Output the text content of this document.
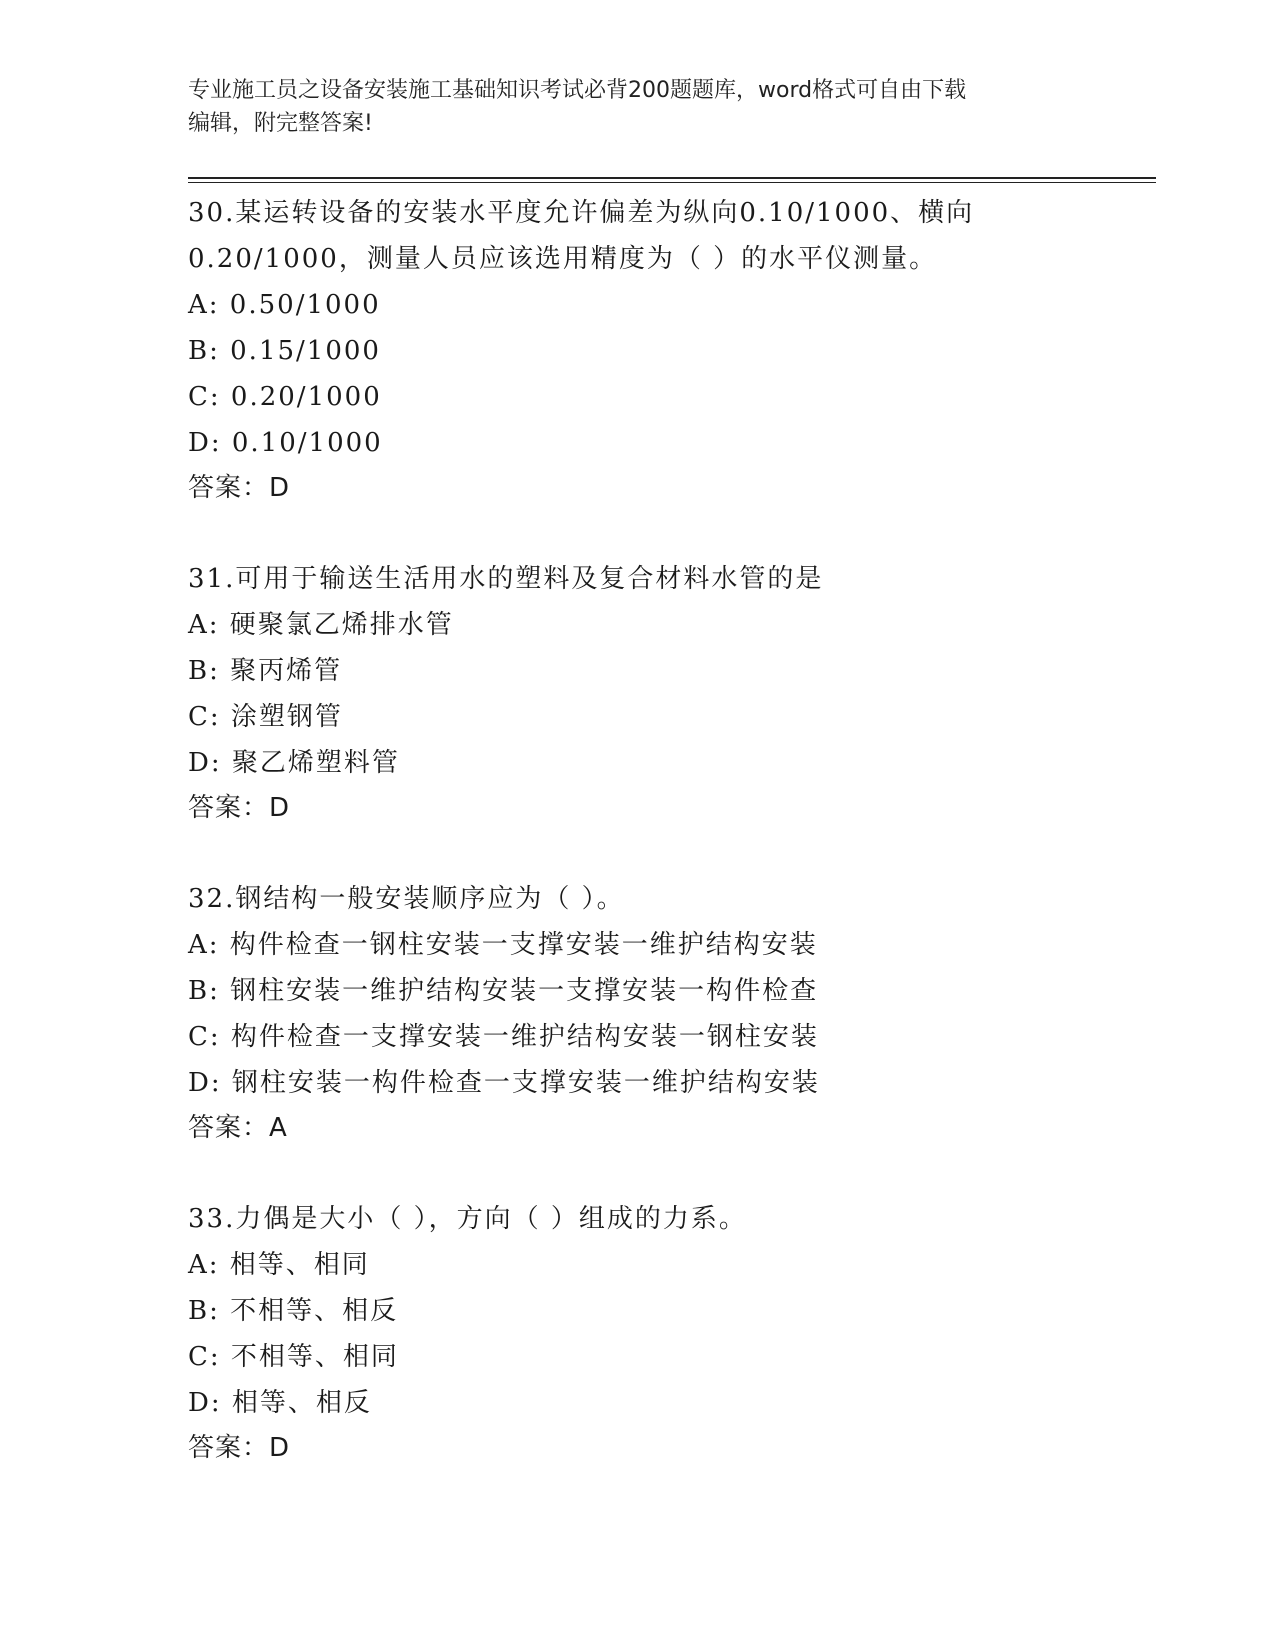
专业施工员之设备安装施工基础知识考试必背200题题库，word格式可自由下载
编辑，附完整答案!
30.某运转设备的安装水平度允许偏差为纵向0.10/1000、横向
0.20/1000，测量人员应该选用精度为（ ）的水平仪测量。
A: 0.50/1000
B: 0.15/1000
C: 0.20/1000
D: 0.10/1000
答案：D
31.可用于输送生活用水的塑料及复合材料水管的是
A: 硬聚氯乙烯排水管
B: 聚丙烯管
C: 涂塑钢管
D: 聚乙烯塑料管
答案：D
32.钢结构一般安装顺序应为（ ）。
A: 构件检查一钢柱安装一支撑安装一维护结构安装
B: 钢柱安装一维护结构安装一支撑安装一构件检查
C: 构件检查一支撑安装一维护结构安装一钢柱安装
D: 钢柱安装一构件检查一支撑安装一维护结构安装
答案：A
33.力偶是大小（ ），方向（ ）组成的力系。
A: 相等、相同
B: 不相等、相反
C: 不相等、相同
D: 相等、相反
答案：D
